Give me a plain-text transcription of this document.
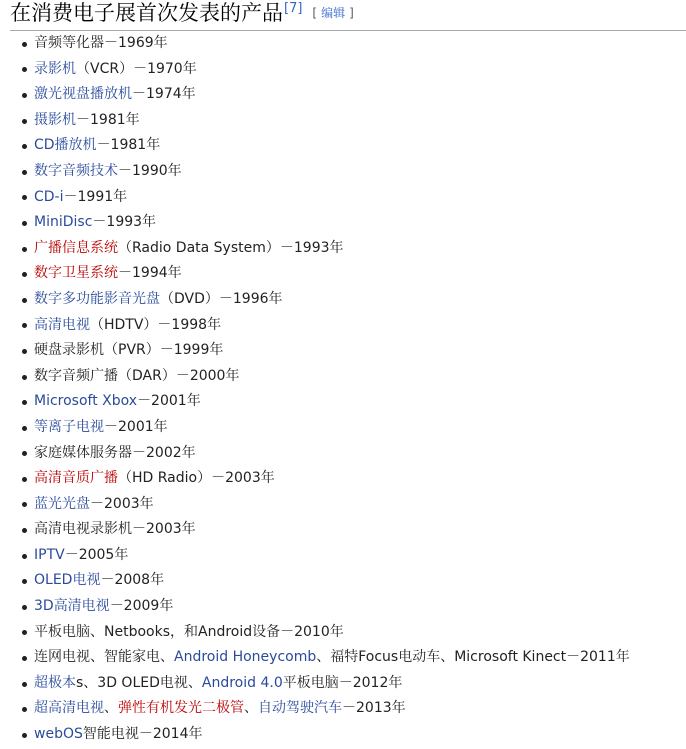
在消费电子展首次发表的产品[7] [ 编辑 ]
音频等化器－1969年
录影机（VCR）－1970年
激光视盘播放机－1974年
摄影机－1981年
CD播放机－1981年
数字音频技术－1990年
CD-i－1991年
MiniDisc－1993年
广播信息系统（Radio Data System）－1993年
数字卫星系统－1994年
数字多功能影音光盘（DVD）－1996年
高清电视（HDTV）－1998年
硬盘录影机（PVR）－1999年
数字音频广播（DAR）－2000年
Microsoft Xbox－2001年
等离子电视－2001年
家庭媒体服务器－2002年
高清音质广播（HD Radio）－2003年
蓝光光盘－2003年
高清电视录影机－2003年
IPTV－2005年
OLED电视－2008年
3D高清电视－2009年
平板电脑、Netbooks，和Android设备－2010年
连网电视、智能家电、Android Honeycomb、福特Focus电动车、Microsoft Kinect－2011年
超极本s、3D OLED电视、Android 4.0平板电脑－2012年
超高清电视、弹性有机发光二极管、自动驾驶汽车－2013年
webOS智能电视－2014年
